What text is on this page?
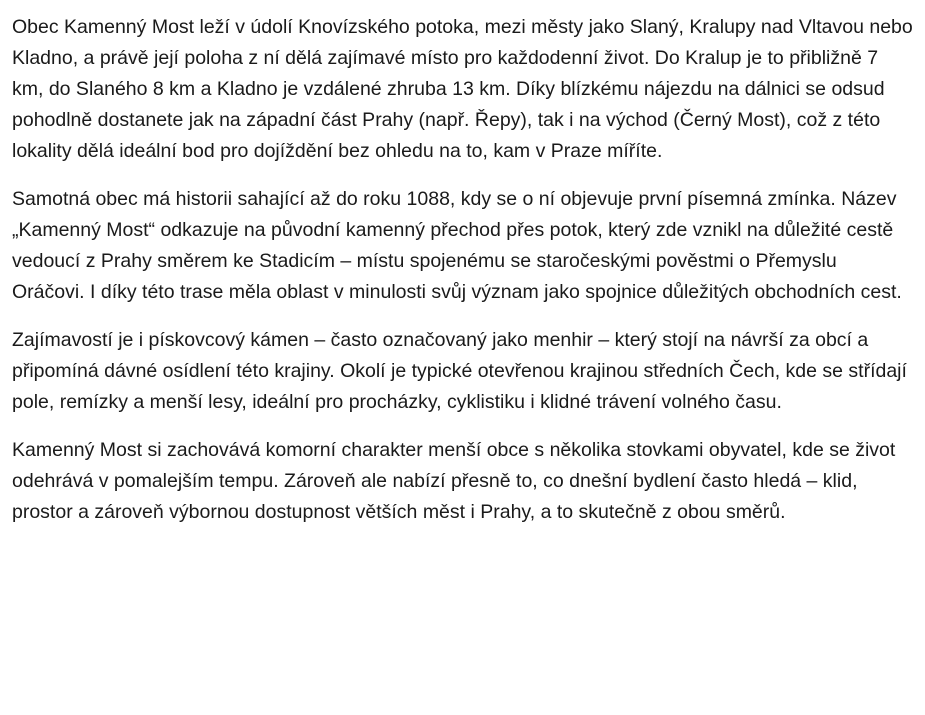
Obec Kamenný Most leží v údolí Knovízského potoka, mezi městy jako Slaný, Kralupy nad Vltavou nebo Kladno, a právě její poloha z ní dělá zajímavé místo pro každodenní život. Do Kralup je to přibližně 7 km, do Slaného 8 km a Kladno je vzdálené zhruba 13 km. Díky blízkému nájezdu na dálnici se odsud pohodlně dostanete jak na západní část Prahy (např. Řepy), tak i na východ (Černý Most), což z této lokality dělá ideální bod pro dojíždění bez ohledu na to, kam v Praze míříte.

Samotná obec má historii sahající až do roku 1088, kdy se o ní objevuje první písemná zmínka. Název „Kamenný Most“ odkazuje na původní kamenný přechod přes potok, který zde vznikl na důležité cestě vedoucí z Prahy směrem ke Stadicím – místu spojenému se staročeskými pověstmi o Přemyslu Oráčovi. I díky této trase měla oblast v minulosti svůj význam jako spojnice důležitých obchodních cest.

Zajímavostí je i pískovcový kámen – často označovaný jako menhir – který stojí na návrší za obcí a připomíná dávné osídlení této krajiny. Okolí je typické otevřenou krajinou středních Čech, kde se střídají pole, remízky a menší lesy, ideální pro procházky, cyklistiku i klidné trávení volného času.

Kamenný Most si zachovává komorní charakter menší obce s několika stovkami obyvatel, kde se život odehrává v pomalejším tempu. Zároveň ale nabízí přesně to, co dnešní bydlení často hledá – klid, prostor a zároveň výbornou dostupnost větších měst i Prahy, a to skutečně z obou směrů.
